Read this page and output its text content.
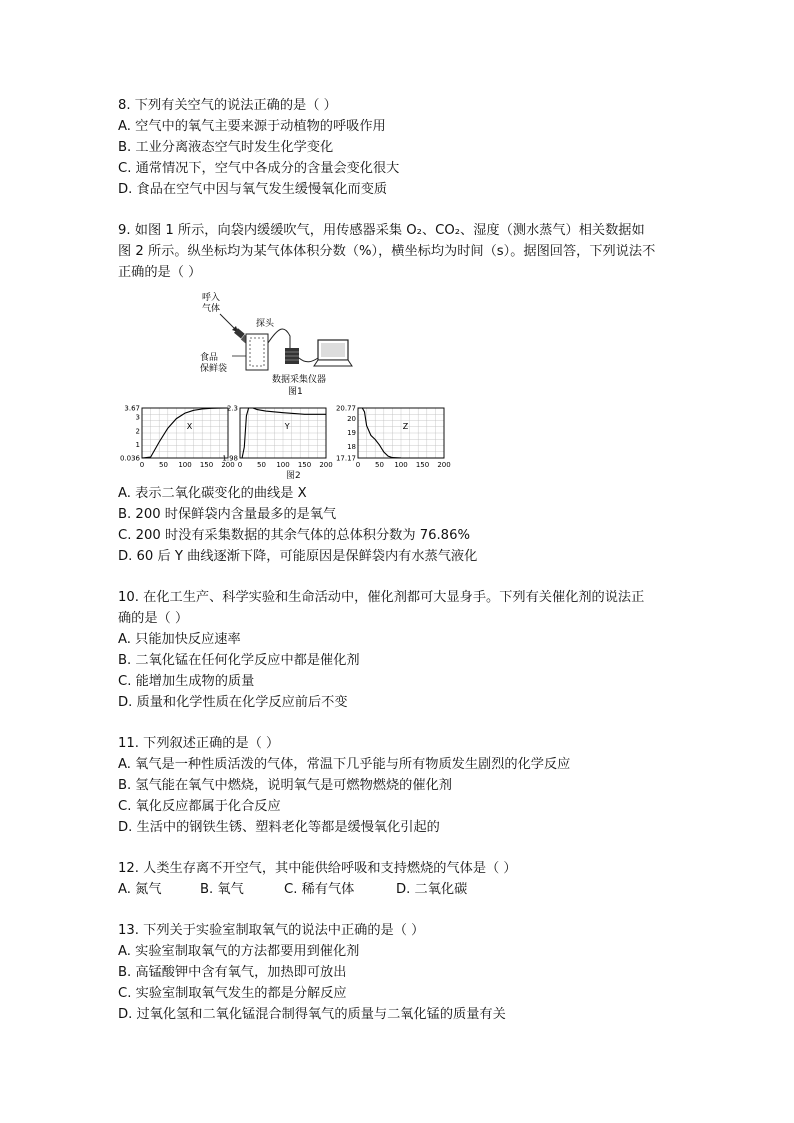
8. 下列有关空气的说法正确的是（ ）
A. 空气中的氧气主要来源于动植物的呼吸作用
B. 工业分离液态空气时发生化学变化
C. 通常情况下，空气中各成分的含量会变化很大
D. 食品在空气中因与氧气发生缓慢氧化而变质
9. 如图 1 所示，向袋内缓缓吹气，用传感器采集 O₂、CO₂、湿度（测水蒸气）相关数据如
图 2 所示。纵坐标均为某气体体积分数（%），横坐标均为时间（s）。据图回答，下列说法不
正确的是（ ）
呼入
气体
食品
保鲜袋
探头
数据采集仪器
图1
0 50 100 150 200
3.67
3
2
1
0.036
X
0 50 100 150 200
2.3
1.98
Y
0 50 100 150 200
20.77
20
19
18
17.17
Z
图2
A. 表示二氧化碳变化的曲线是 X
B. 200 时保鲜袋内含量最多的是氧气
C. 200 时没有采集数据的其余气体的总体积分数为 76.86%
D. 60 后 Y 曲线逐渐下降，可能原因是保鲜袋内有水蒸气液化
10. 在化工生产、科学实验和生命活动中，催化剂都可大显身手。下列有关催化剂的说法正
确的是（ ）
A. 只能加快反应速率
B. 二氧化锰在任何化学反应中都是催化剂
C. 能增加生成物的质量
D. 质量和化学性质在化学反应前后不变
11. 下列叙述正确的是（ ）
A. 氧气是一种性质活泼的气体，常温下几乎能与所有物质发生剧烈的化学反应
B. 氢气能在氧气中燃烧，说明氧气是可燃物燃烧的催化剂
C. 氧化反应都属于化合反应
D. 生活中的钢铁生锈、塑料老化等都是缓慢氧化引起的
12. 人类生存离不开空气，其中能供给呼吸和支持燃烧的气体是（ ）
A. 氮气	B. 氧气	C. 稀有气体	D. 二氧化碳
13. 下列关于实验室制取氧气的说法中正确的是（ ）
A. 实验室制取氧气的方法都要用到催化剂
B. 高锰酸钾中含有氧气，加热即可放出
C. 实验室制取氧气发生的都是分解反应
D. 过氧化氢和二氧化锰混合制得氧气的质量与二氧化锰的质量有关
